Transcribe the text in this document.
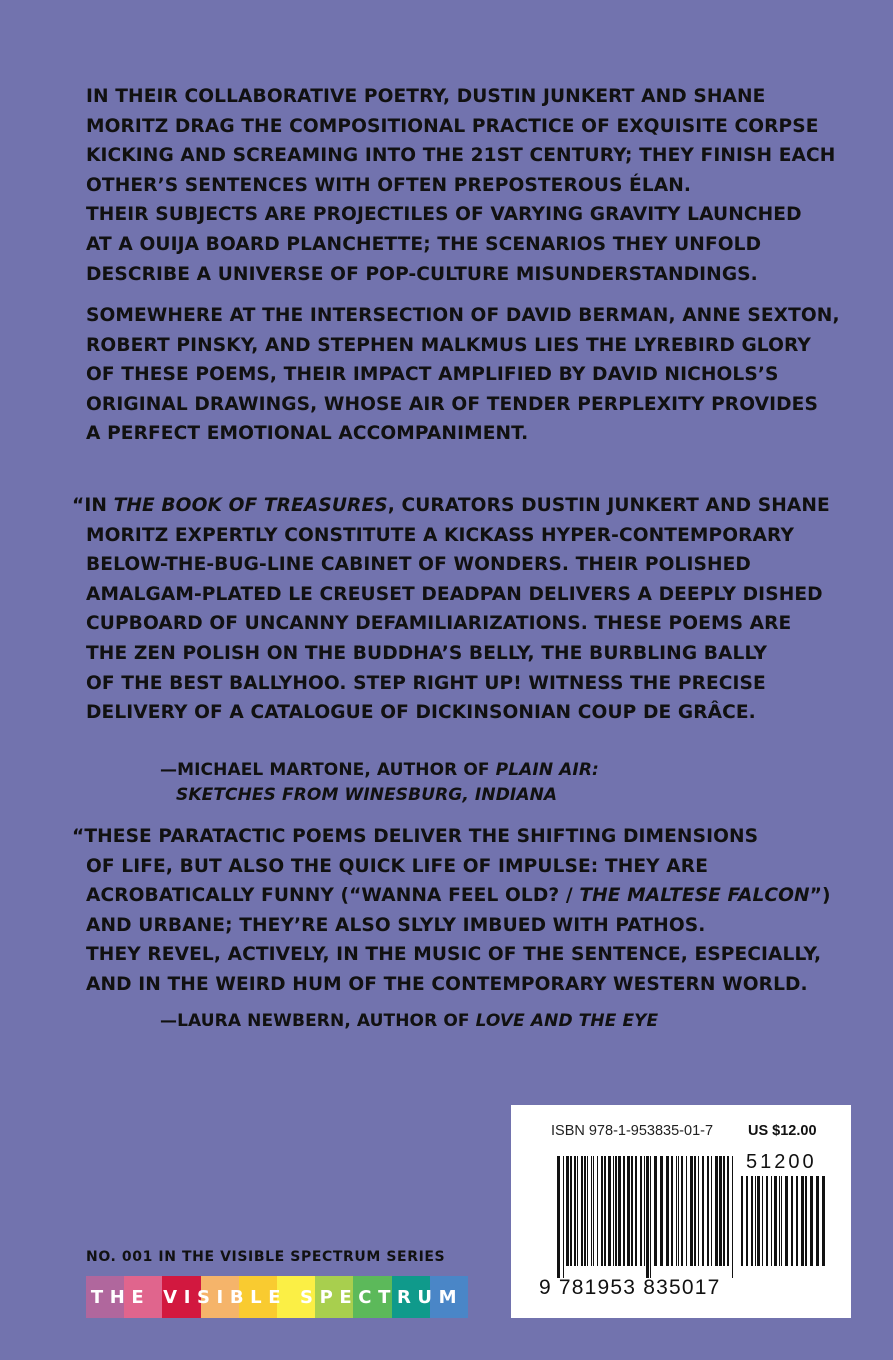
IN THEIR COLLABORATIVE POETRY, DUSTIN JUNKERT AND SHANE
MORITZ DRAG THE COMPOSITIONAL PRACTICE OF EXQUISITE CORPSE
KICKING AND SCREAMING INTO THE 21ST CENTURY; THEY FINISH EACH
OTHER’S SENTENCES WITH OFTEN PREPOSTEROUS ÉLAN.
THEIR SUBJECTS ARE PROJECTILES OF VARYING GRAVITY LAUNCHED
AT A OUIJA BOARD PLANCHETTE; THE SCENARIOS THEY UNFOLD
DESCRIBE A UNIVERSE OF POP-CULTURE MISUNDERSTANDINGS.
SOMEWHERE AT THE INTERSECTION OF DAVID BERMAN, ANNE SEXTON,
ROBERT PINSKY, AND STEPHEN MALKMUS LIES THE LYREBIRD GLORY
OF THESE POEMS, THEIR IMPACT AMPLIFIED BY DAVID NICHOLS’S
ORIGINAL DRAWINGS, WHOSE AIR OF TENDER PERPLEXITY PROVIDES
A PERFECT EMOTIONAL ACCOMPANIMENT.
“IN THE BOOK OF TREASURES, CURATORS DUSTIN JUNKERT AND SHANE
MORITZ EXPERTLY CONSTITUTE A KICKASS HYPER-CONTEMPORARY
BELOW-THE-BUG-LINE CABINET OF WONDERS. THEIR POLISHED
AMALGAM-PLATED LE CREUSET DEADPAN DELIVERS A DEEPLY DISHED
CUPBOARD OF UNCANNY DEFAMILIARIZATIONS. THESE POEMS ARE
THE ZEN POLISH ON THE BUDDHA’S BELLY, THE BURBLING BALLY
OF THE BEST BALLYHOO. STEP RIGHT UP! WITNESS THE PRECISE
DELIVERY OF A CATALOGUE OF DICKINSONIAN COUP DE GRÂCE.
—MICHAEL MARTONE, AUTHOR OF PLAIN AIR:
SKETCHES FROM WINESBURG, INDIANA
“THESE PARATACTIC POEMS DELIVER THE SHIFTING DIMENSIONS
OF LIFE, BUT ALSO THE QUICK LIFE OF IMPULSE: THEY ARE
ACROBATICALLY FUNNY (“WANNA FEEL OLD? / THE MALTESE FALCON”)
AND URBANE; THEY’RE ALSO SLYLY IMBUED WITH PATHOS.
THEY REVEL, ACTIVELY, IN THE MUSIC OF THE SENTENCE, ESPECIALLY,
AND IN THE WEIRD HUM OF THE CONTEMPORARY WESTERN WORLD.
—LAURA NEWBERN, AUTHOR OF LOVE AND THE EYE
NO. 001 IN THE VISIBLE SPECTRUM SERIES
THE VISIBLE SPECTRUM
ISBN 978-1-953835-01-7 US $12.00
51200
9 781953 835017
